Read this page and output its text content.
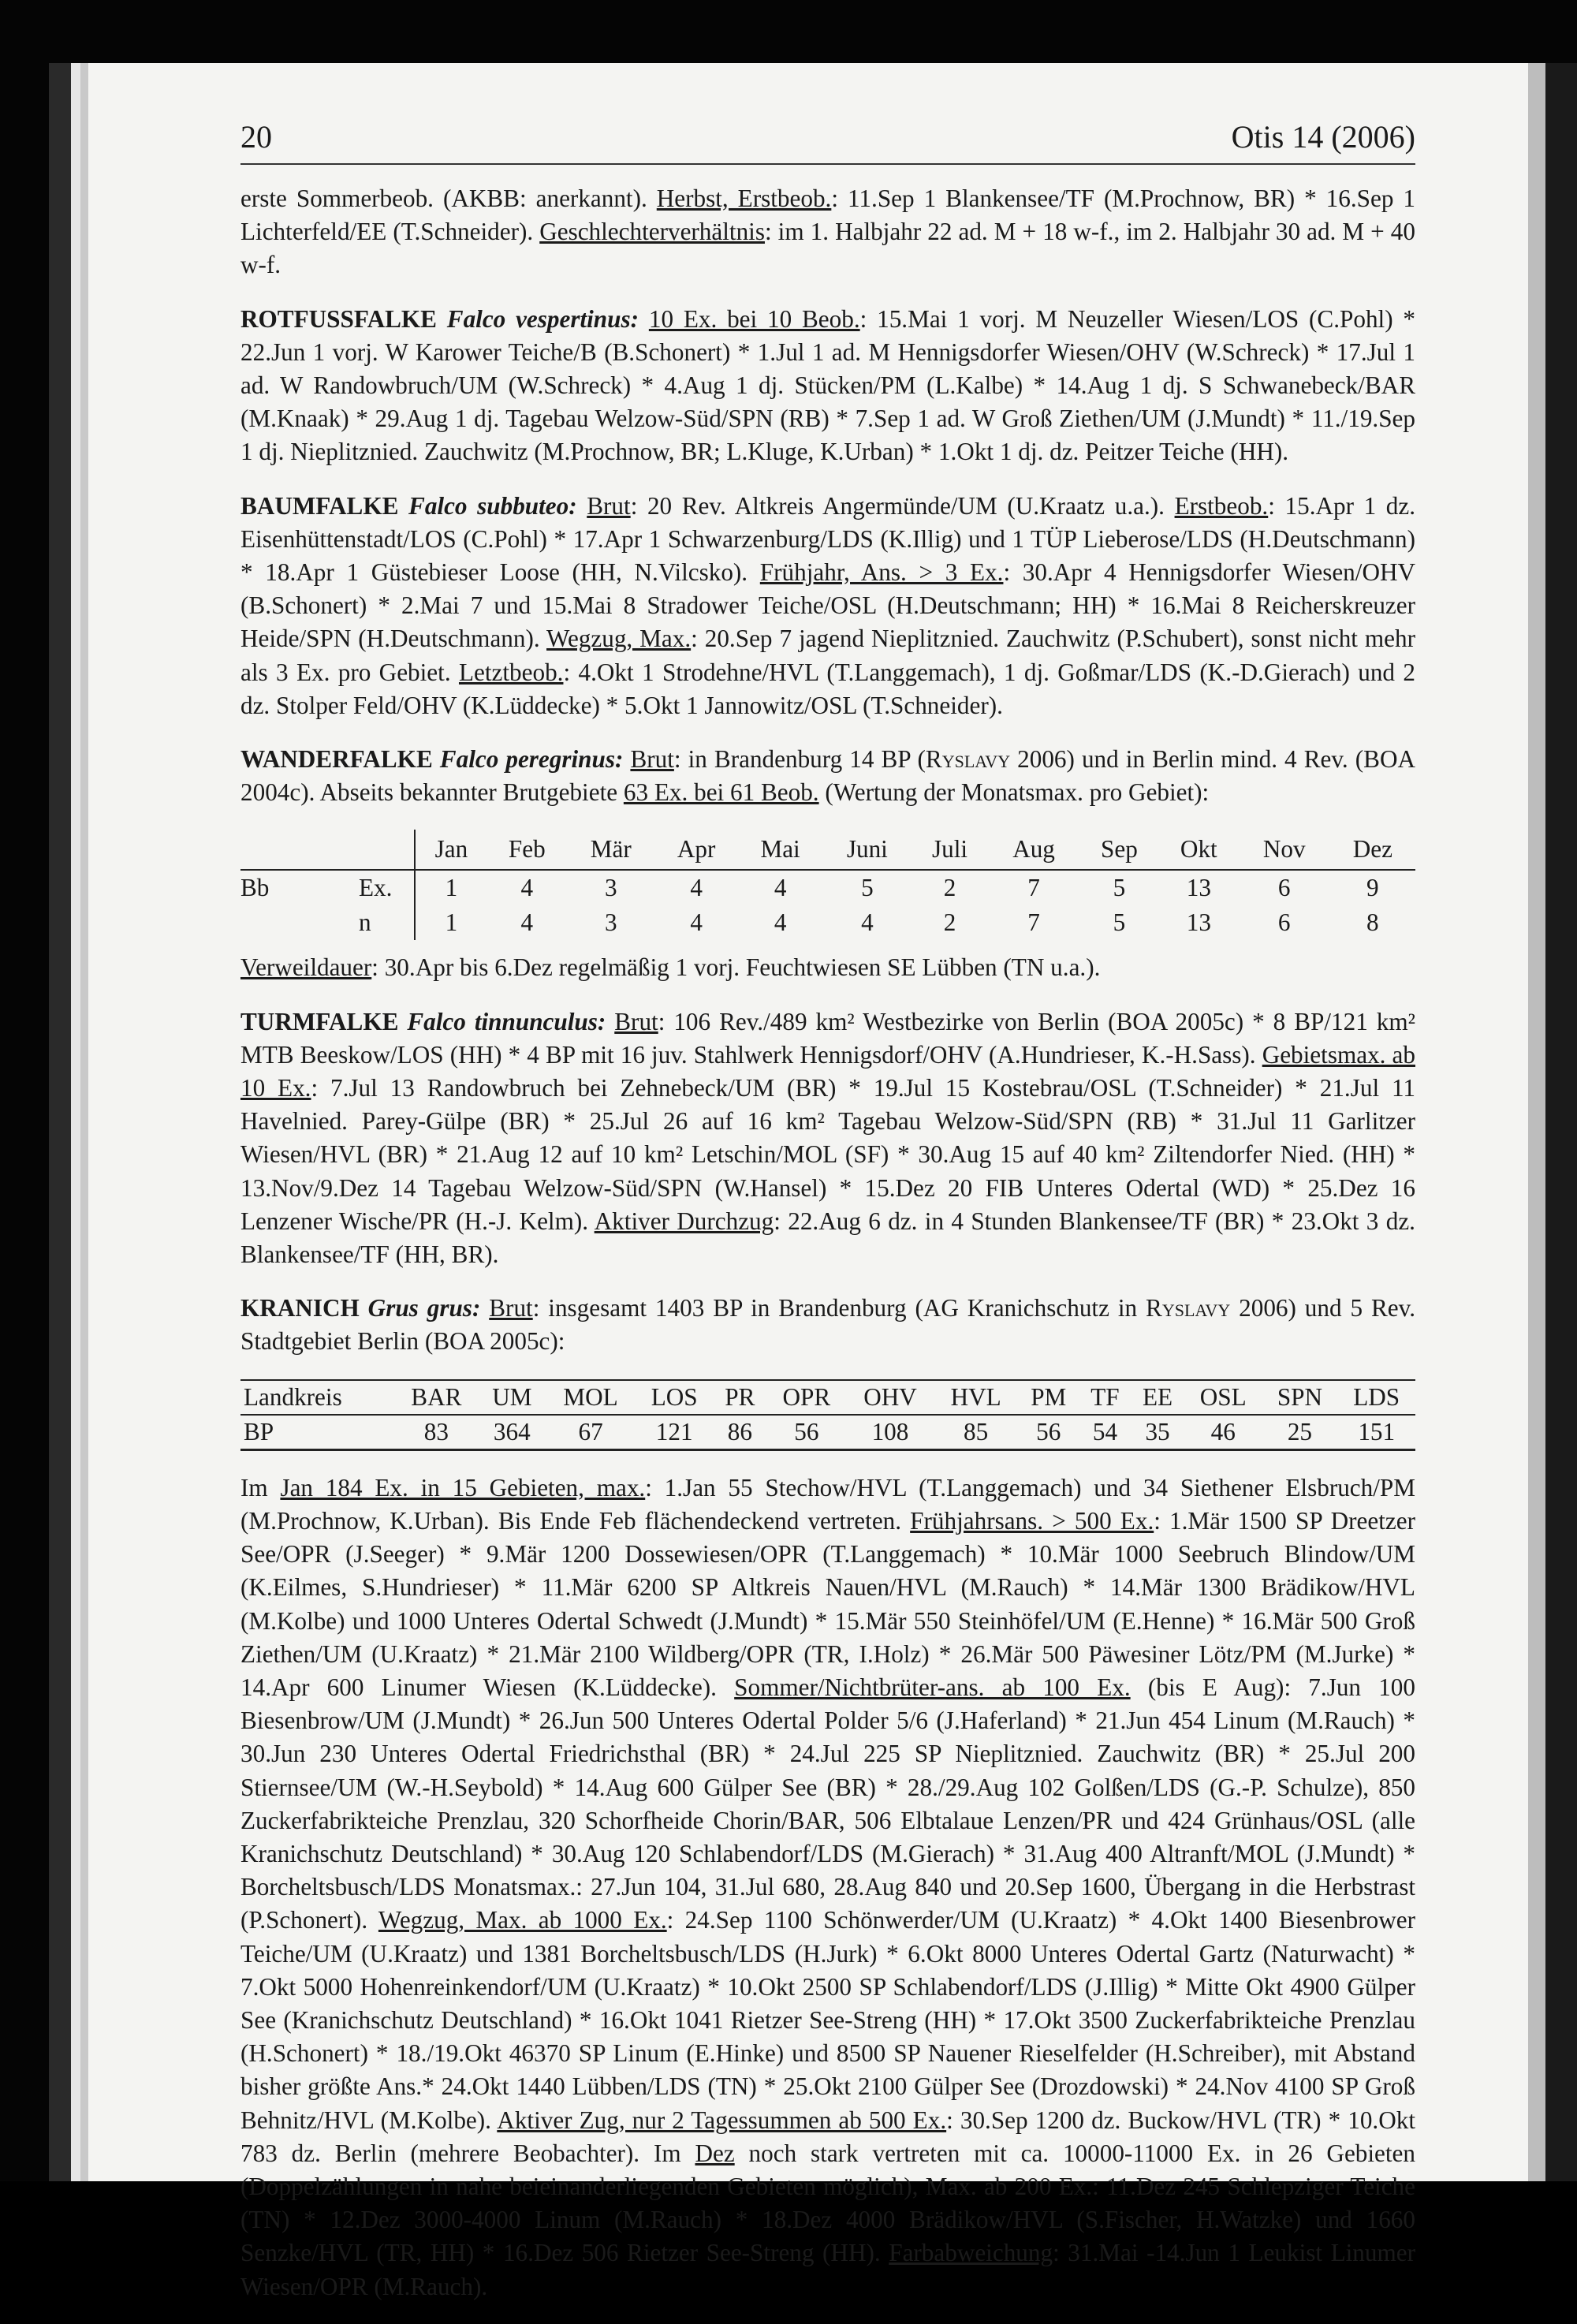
20	Otis 14 (2006)

erste Sommerbeob. (AKBB: anerkannt). Herbst, Erstbeob.: 11.Sep 1 Blankensee/TF (M.Prochnow, BR) * 16.Sep 1 Lichterfeld/EE (T.Schneider). Geschlechterverhältnis: im 1. Halbjahr 22 ad. M + 18 w-f., im 2. Halbjahr 30 ad. M + 40 w-f.

ROTFUSSFALKE Falco vespertinus: 10 Ex. bei 10 Beob.: 15.Mai 1 vorj. M Neuzeller Wiesen/LOS (C.Pohl) * 22.Jun 1 vorj. W Karower Teiche/B (B.Schonert) * 1.Jul 1 ad. M Hennigsdorfer Wiesen/OHV (W.Schreck) * 17.Jul 1 ad. W Randowbruch/UM (W.Schreck) * 4.Aug 1 dj. Stücken/PM (L.Kalbe) * 14.Aug 1 dj. S Schwanebeck/BAR (M.Knaak) * 29.Aug 1 dj. Tagebau Welzow-Süd/SPN (RB) * 7.Sep 1 ad. W Groß Ziethen/UM (J.Mundt) * 11./19.Sep 1 dj. Nieplitznied. Zauchwitz (M.Prochnow, BR; L.Kluge, K.Urban) * 1.Okt 1 dj. dz. Peitzer Teiche (HH).

BAUMFALKE Falco subbuteo: Brut: 20 Rev. Altkreis Angermünde/UM (U.Kraatz u.a.). Erstbeob.: 15.Apr 1 dz. Eisenhüttenstadt/LOS (C.Pohl) * 17.Apr 1 Schwarzenburg/LDS (K.Illig) und 1 TÜP Lieberose/LDS (H.Deutschmann) * 18.Apr 1 Güstebieser Loose (HH, N.Vilcsko). Frühjahr, Ans. > 3 Ex.: 30.Apr 4 Hennigsdorfer Wiesen/OHV (B.Schonert) * 2.Mai 7 und 15.Mai 8 Stradower Teiche/OSL (H.Deutschmann; HH) * 16.Mai 8 Reicherskreuzer Heide/SPN (H.Deutschmann). Wegzug, Max.: 20.Sep 7 jagend Nieplitznied. Zauchwitz (P.Schubert), sonst nicht mehr als 3 Ex. pro Gebiet. Letztbeob.: 4.Okt 1 Strodehne/HVL (T.Langgemach), 1 dj. Goßmar/LDS (K.-D.Gierach) und 2 dz. Stolper Feld/OHV (K.Lüddecke) * 5.Okt 1 Jannowitz/OSL (T.Schneider).

WANDERFALKE Falco peregrinus: Brut: in Brandenburg 14 BP (Ryslavy 2006) und in Berlin mind. 4 Rev. (BOA 2004c). Abseits bekannter Brutgebiete 63 Ex. bei 61 Beob. (Wertung der Monatsmax. pro Gebiet):

		Jan	Feb	Mär	Apr	Mai	Juni	Juli	Aug	Sep	Okt	Nov	Dez
Bb	Ex.	1	4	3	4	4	5	2	7	5	13	6	9
	n	1	4	3	4	4	4	2	7	5	13	6	8

Verweildauer: 30.Apr bis 6.Dez regelmäßig 1 vorj. Feuchtwiesen SE Lübben (TN u.a.).

TURMFALKE Falco tinnunculus: Brut: 106 Rev./489 km² Westbezirke von Berlin (BOA 2005c) * 8 BP/121 km² MTB Beeskow/LOS (HH) * 4 BP mit 16 juv. Stahlwerk Hennigsdorf/OHV (A.Hundrieser, K.-H.Sass). Gebietsmax. ab 10 Ex.: 7.Jul 13 Randowbruch bei Zehnebeck/UM (BR) * 19.Jul 15 Kostebrau/OSL (T.Schneider) * 21.Jul 11 Havelnied. Parey-Gülpe (BR) * 25.Jul 26 auf 16 km² Tagebau Welzow-Süd/SPN (RB) * 31.Jul 11 Garlitzer Wiesen/HVL (BR) * 21.Aug 12 auf 10 km² Letschin/MOL (SF) * 30.Aug 15 auf 40 km² Ziltendorfer Nied. (HH) * 13.Nov/9.Dez 14 Tagebau Welzow-Süd/SPN (W.Hansel) * 15.Dez 20 FIB Unteres Odertal (WD) * 25.Dez 16 Lenzener Wische/PR (H.-J. Kelm). Aktiver Durchzug: 22.Aug 6 dz. in 4 Stunden Blankensee/TF (BR) * 23.Okt 3 dz. Blankensee/TF (HH, BR).

KRANICH Grus grus: Brut: insgesamt 1403 BP in Brandenburg (AG Kranichschutz in Ryslavy 2006) und 5 Rev. Stadtgebiet Berlin (BOA 2005c):

Landkreis	BAR	UM	MOL	LOS	PR	OPR	OHV	HVL	PM	TF	EE	OSL	SPN	LDS
BP	83	364	67	121	86	56	108	85	56	54	35	46	25	151

Im Jan 184 Ex. in 15 Gebieten, max.: 1.Jan 55 Stechow/HVL (T.Langgemach) und 34 Siethener Elsbruch/PM (M.Prochnow, K.Urban). Bis Ende Feb flächendeckend vertreten. Frühjahrsans. > 500 Ex.: 1.Mär 1500 SP Dreetzer See/OPR (J.Seeger) * 9.Mär 1200 Dossewiesen/OPR (T.Langgemach) * 10.Mär 1000 Seebruch Blindow/UM (K.Eilmes, S.Hundrieser) * 11.Mär 6200 SP Altkreis Nauen/HVL (M.Rauch) * 14.Mär 1300 Brädikow/HVL (M.Kolbe) und 1000 Unteres Odertal Schwedt (J.Mundt) * 15.Mär 550 Steinhöfel/UM (E.Henne) * 16.Mär 500 Groß Ziethen/UM (U.Kraatz) * 21.Mär 2100 Wildberg/OPR (TR, I.Holz) * 26.Mär 500 Päwesiner Lötz/PM (M.Jurke) * 14.Apr 600 Linumer Wiesen (K.Lüddecke). Sommer/Nichtbrüter-ans. ab 100 Ex. (bis E Aug): 7.Jun 100 Biesenbrow/UM (J.Mundt) * 26.Jun 500 Unteres Odertal Polder 5/6 (J.Haferland) * 21.Jun 454 Linum (M.Rauch) * 30.Jun 230 Unteres Odertal Friedrichsthal (BR) * 24.Jul 225 SP Nieplitznied. Zauchwitz (BR) * 25.Jul 200 Stiernsee/UM (W.-H.Seybold) * 14.Aug 600 Gülper See (BR) * 28./29.Aug 102 Golßen/LDS (G.-P. Schulze), 850 Zuckerfabrikteiche Prenzlau, 320 Schorfheide Chorin/BAR, 506 Elbtalaue Lenzen/PR und 424 Grünhaus/OSL (alle Kranichschutz Deutschland) * 30.Aug 120 Schlabendorf/LDS (M.Gierach) * 31.Aug 400 Altranft/MOL (J.Mundt) * Borcheltsbusch/LDS Monatsmax.: 27.Jun 104, 31.Jul 680, 28.Aug 840 und 20.Sep 1600, Übergang in die Herbstrast (P.Schonert). Wegzug, Max. ab 1000 Ex.: 24.Sep 1100 Schönwerder/UM (U.Kraatz) * 4.Okt 1400 Biesenbrower Teiche/UM (U.Kraatz) und 1381 Borcheltsbusch/LDS (H.Jurk) * 6.Okt 8000 Unteres Odertal Gartz (Naturwacht) * 7.Okt 5000 Hohenreinkendorf/UM (U.Kraatz) * 10.Okt 2500 SP Schlabendorf/LDS (J.Illig) * Mitte Okt 4900 Gülper See (Kranichschutz Deutschland) * 16.Okt 1041 Rietzer See-Streng (HH) * 17.Okt 3500 Zuckerfabrikteiche Prenzlau (H.Schonert) * 18./19.Okt 46370 SP Linum (E.Hinke) und 8500 SP Nauener Rieselfelder (H.Schreiber), mit Abstand bisher größte Ans.* 24.Okt 1440 Lübben/LDS (TN) * 25.Okt 2100 Gülper See (Drozdowski) * 24.Nov 4100 SP Groß Behnitz/HVL (M.Kolbe). Aktiver Zug, nur 2 Tagessummen ab 500 Ex.: 30.Sep 1200 dz. Buckow/HVL (TR) * 10.Okt 783 dz. Berlin (mehrere Beobachter). Im Dez noch stark vertreten mit ca. 10000-11000 Ex. in 26 Gebieten (Doppelzählungen in nahe beieinanderliegenden Gebieten möglich), Max. ab 200 Ex.: 11.Dez 245 Schlepziger Teiche (TN) * 12.Dez 3000-4000 Linum (M.Rauch) * 18.Dez 4000 Brädikow/HVL (S.Fischer, H.Watzke) und 1660 Senzke/HVL (TR, HH) * 16.Dez 506 Rietzer See-Streng (HH). Farbabweichung: 31.Mai -14.Jun 1 Leukist Linumer Wiesen/OPR (M.Rauch).
